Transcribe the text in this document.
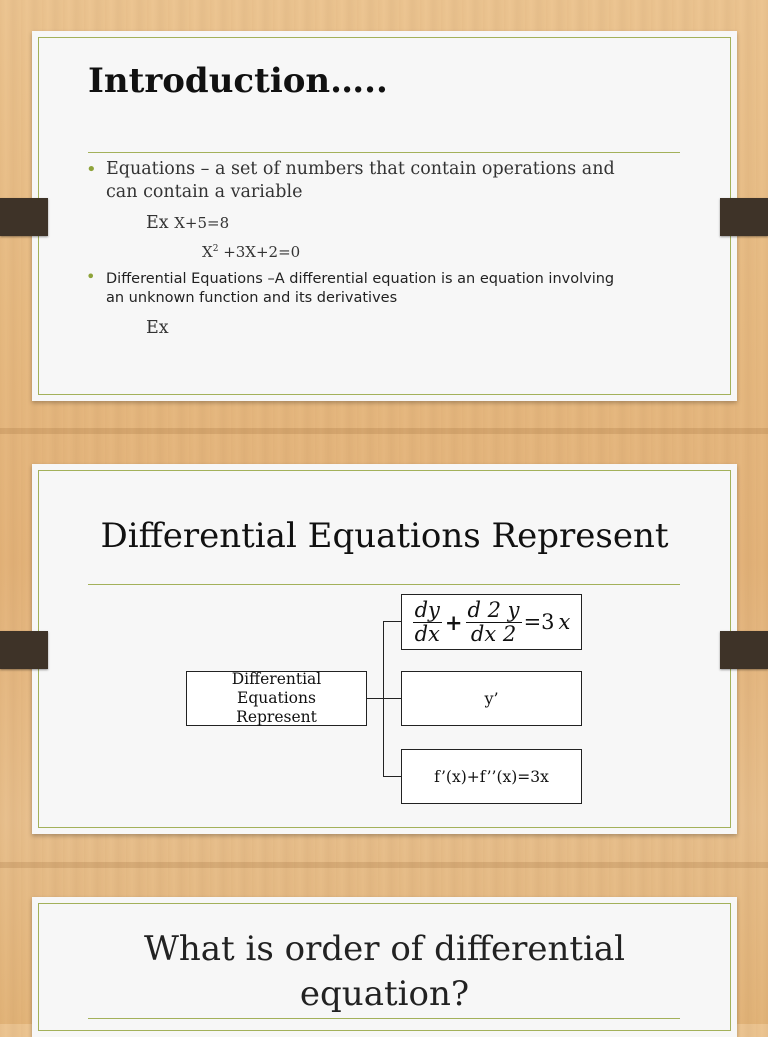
Introduction…..
• Equations – a set of numbers that contain operations and
can contain a variable
Ex X+5=8
$X^2 +3X+2=0$
• Differential Equations –A differential equation is an equation involving
an unknown function and its derivatives
Ex
Differential Equations Represent
Differential
Equations
Represent
$\frac{dy}{dx} + \frac{d 2 y}{dx 2} =3$ x
y’
f’(x)+f’’(x)=3x
What is order of differential
equation?
